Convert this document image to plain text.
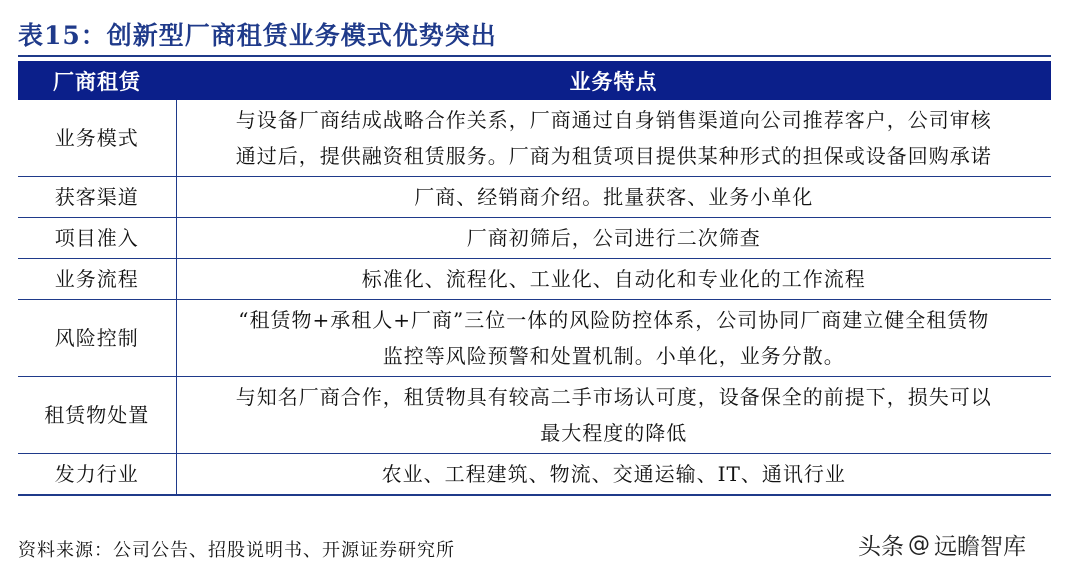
表15：创新型厂商租赁业务模式优势突出
厂商租赁	业务特点
业务模式	与设备厂商结成战略合作关系，厂商通过自身销售渠道向公司推荐客户，公司审核
通过后，提供融资租赁服务。厂商为租赁项目提供某种形式的担保或设备回购承诺

获客渠道	厂商、经销商介绍。批量获客、业务小单化

项目准入	厂商初筛后，公司进行二次筛查

业务流程	标准化、流程化、工业化、自动化和专业化的工作流程

风险控制	“租赁物+承租人+厂商”三位一体的风险防控体系，公司协同厂商建立健全租赁物
监控等风险预警和处置机制。小单化，业务分散。

租赁物处置	与知名厂商合作，租赁物具有较高二手市场认可度，设备保全的前提下，损失可以
最大程度的降低

发力行业	农业、工程建筑、物流、交通运输、IT、通讯行业
资料来源：公司公告、招股说明书、开源证券研究所	头条 @ 远瞻智库
